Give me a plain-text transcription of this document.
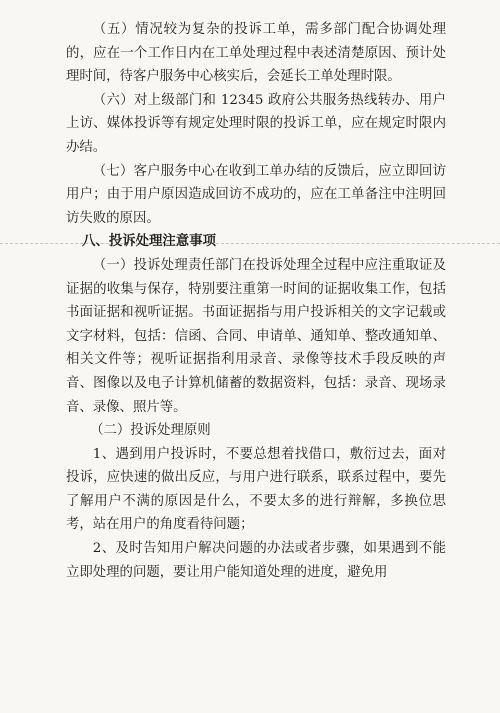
（五）情况较为复杂的投诉工单，需多部门配合协调处理的，应在一个工作日内在工单处理过程中表述清楚原因、预计处理时间，待客户服务中心核实后，会延长工单处理时限。

（六）对上级部门和 12345 政府公共服务热线转办、用户上访、媒体投诉等有规定处理时限的投诉工单，应在规定时限内办结。

（七）客户服务中心在收到工单办结的反馈后，应立即回访用户；由于用户原因造成回访不成功的，应在工单备注中注明回访失败的原因。

八、投诉处理注意事项

（一）投诉处理责任部门在投诉处理全过程中应注重取证及证据的收集与保存，特别要注重第一时间的证据收集工作，包括书面证据和视听证据。书面证据指与用户投诉相关的文字记载或文字材料，包括：信函、合同、申请单、通知单、整改通知单、相关文件等；视听证据指利用录音、录像等技术手段反映的声音、图像以及电子计算机储蓄的数据资料，包括：录音、现场录音、录像、照片等。

（二）投诉处理原则

1、遇到用户投诉时，不要总想着找借口，敷衍过去，面对投诉，应快速的做出反应，与用户进行联系，联系过程中，要先了解用户不满的原因是什么，不要太多的进行辩解，多换位思考，站在用户的角度看待问题；

2、及时告知用户解决问题的办法或者步骤，如果遇到不能立即处理的问题，要让用户能知道处理的进度，避免用
